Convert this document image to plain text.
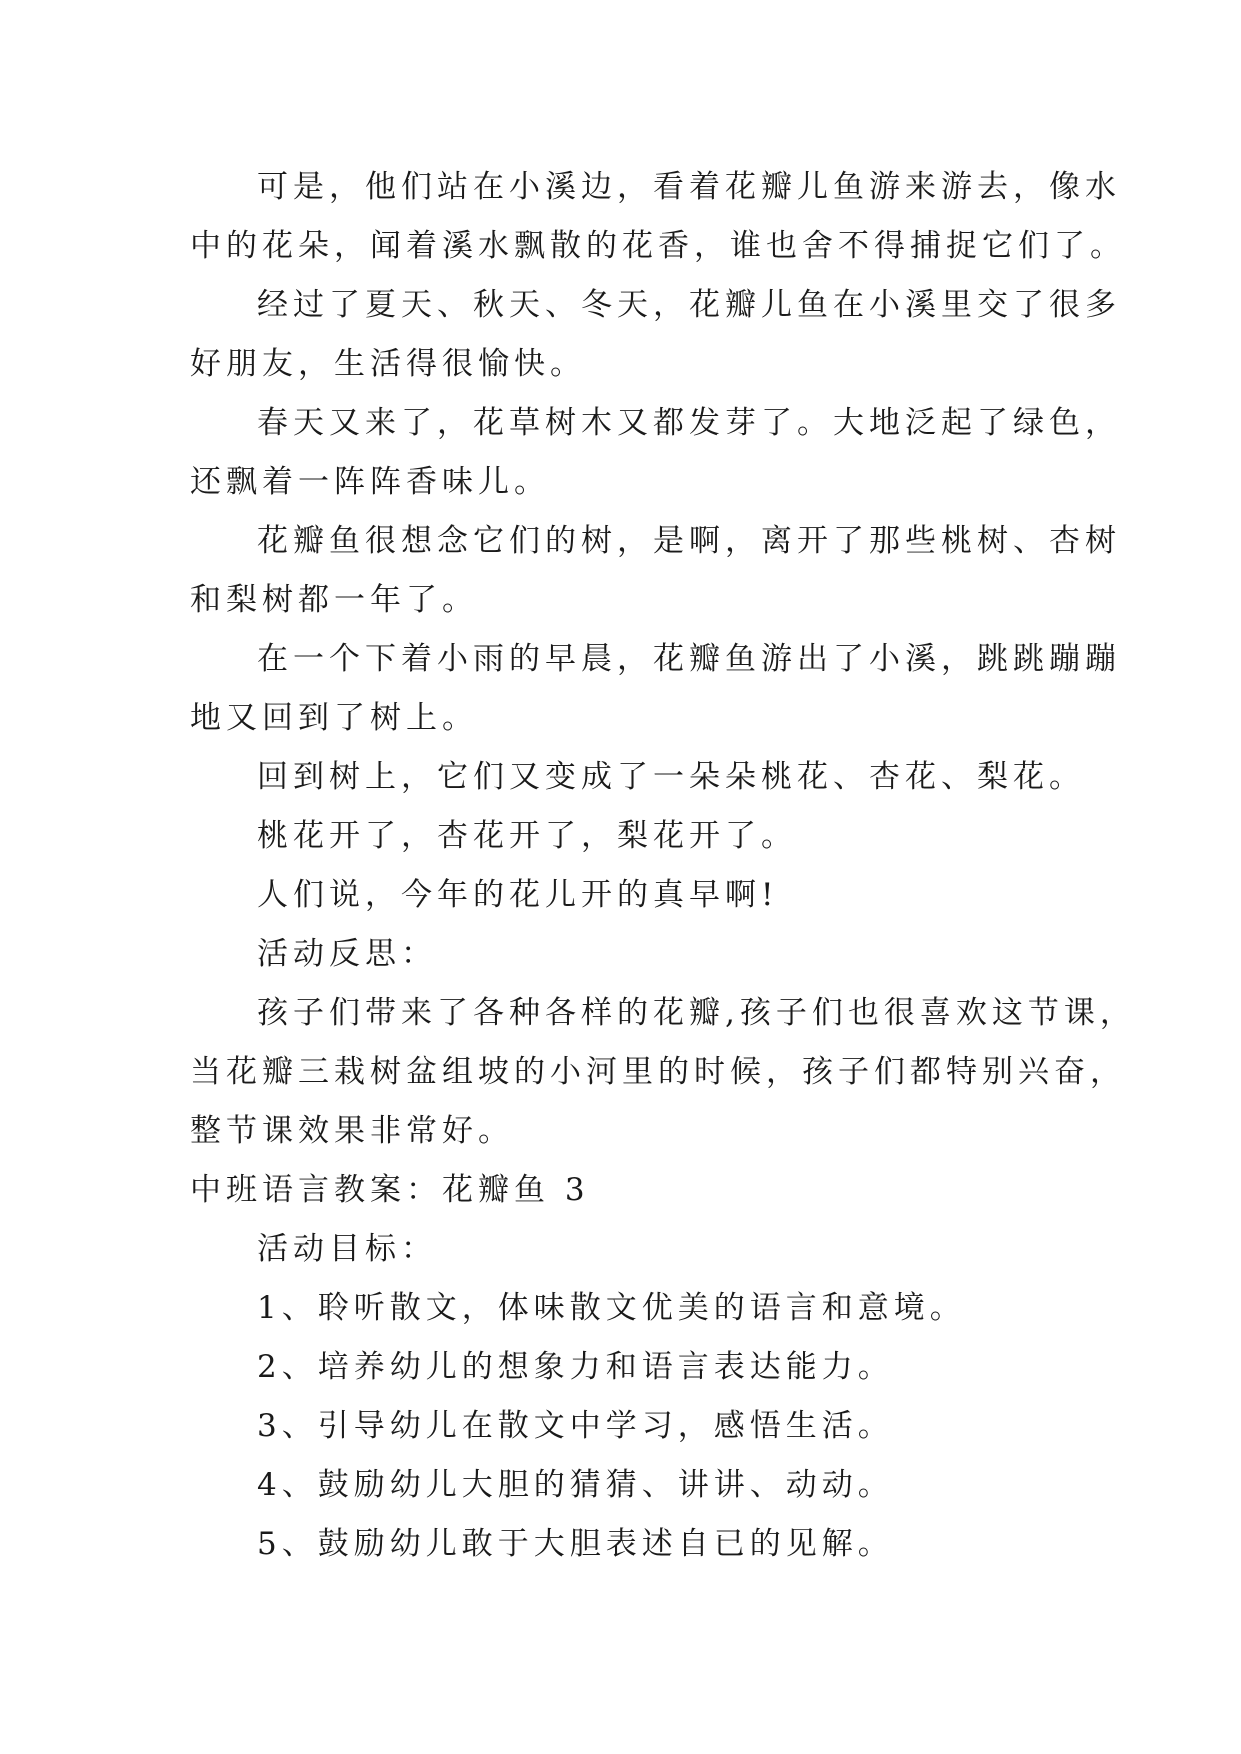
可是，他们站在小溪边，看着花瓣儿鱼游来游去，像水

中的花朵，闻着溪水飘散的花香，谁也舍不得捕捉它们了。

经过了夏天、秋天、冬天，花瓣儿鱼在小溪里交了很多

好朋友，生活得很愉快。

春天又来了，花草树木又都发芽了。大地泛起了绿色，

还飘着一阵阵香味儿。

花瓣鱼很想念它们的树，是啊，离开了那些桃树、杏树

和梨树都一年了。

在一个下着小雨的早晨，花瓣鱼游出了小溪，跳跳蹦蹦

地又回到了树上。

回到树上，它们又变成了一朵朵桃花、杏花、梨花。

桃花开了，杏花开了，梨花开了。

人们说，今年的花儿开的真早啊!

活动反思：

孩子们带来了各种各样的花瓣,孩子们也很喜欢这节课，

当花瓣三栽树盆组坡的小河里的时候，孩子们都特别兴奋，

整节课效果非常好。

中班语言教案：花瓣鱼 3

活动目标：

1、聆听散文，体味散文优美的语言和意境。

2、培养幼儿的想象力和语言表达能力。

3、引导幼儿在散文中学习，感悟生活。

4、鼓励幼儿大胆的猜猜、讲讲、动动。

5、鼓励幼儿敢于大胆表述自已的见解。
